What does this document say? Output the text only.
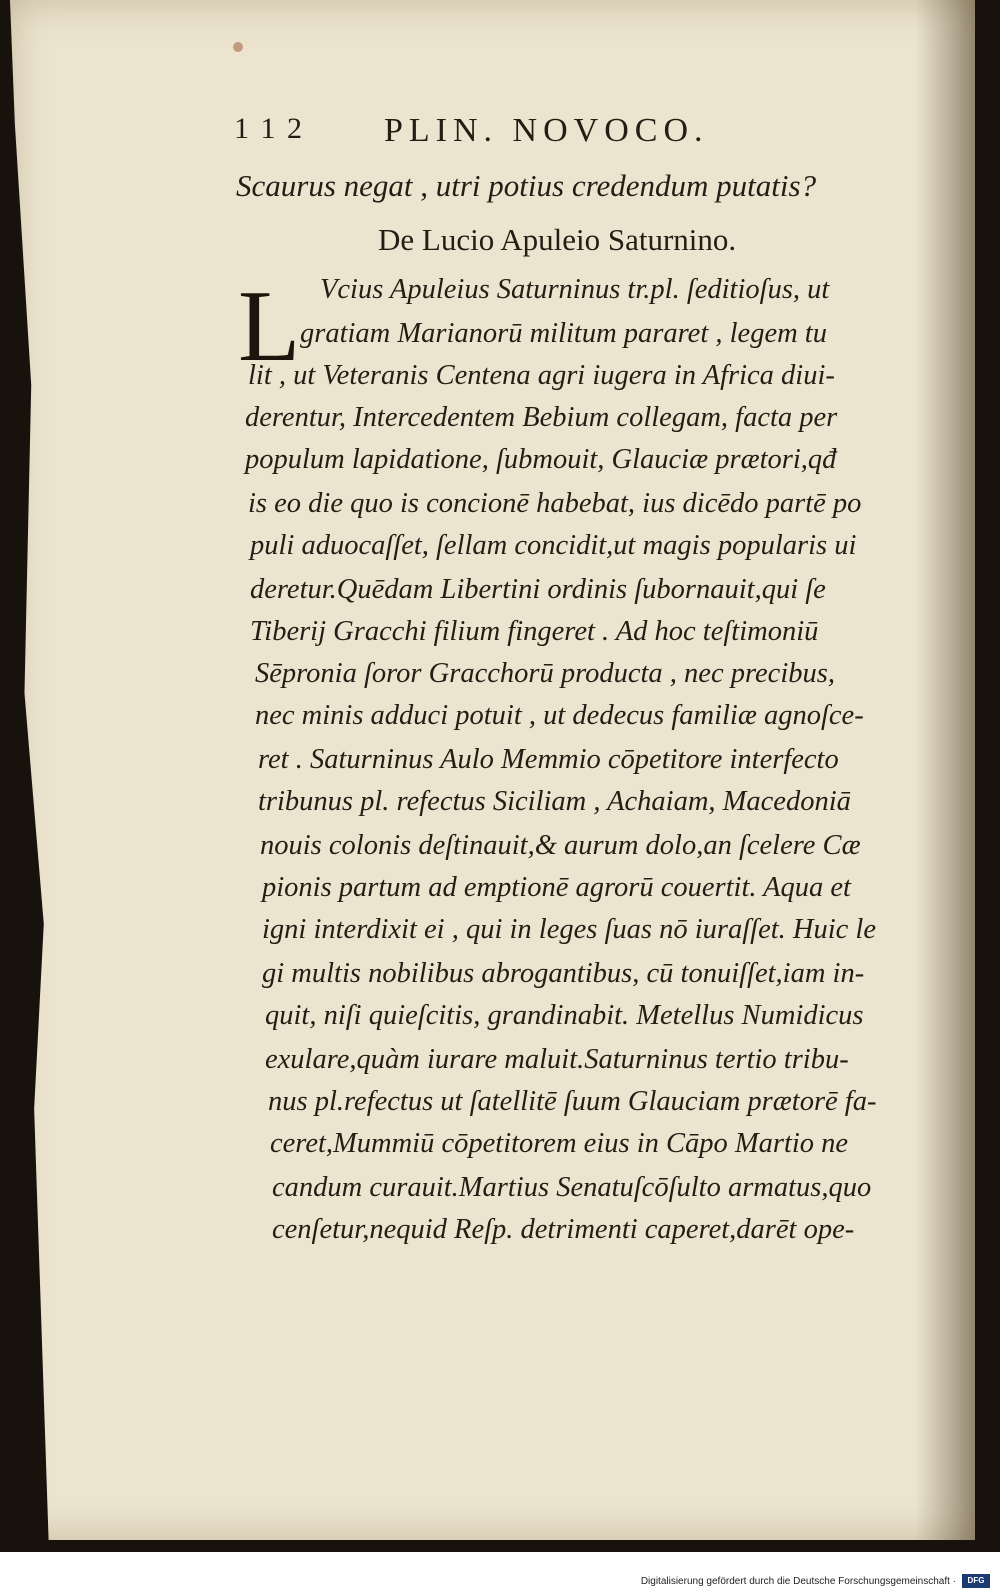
1 1 2 PLIN. NOVOCO.
Scaurus negat , utri potius credendum putatis?
De Lucio Apuleio Saturnino.
L Vcius Apuleius Saturninus tr.pl. ſeditioſus, ut
gratiam Marianorū militum pararet , legem tu
lit , ut Veteranis Centena agri iugera in Africa diui-
derentur, Intercedentem Bebium collegam, facta per
populum lapidatione, ſubmouit, Glauciæ prætori,qđ
is eo die quo is concionē habebat, ius dicēdo partē po
puli aduocaſſet, ſellam concidit,ut magis popularis ui
deretur.Quēdam Libertini ordinis ſubornauit,qui ſe
Tiberij Gracchi filium fingeret . Ad hoc teſtimoniū
Sēpronia ſoror Gracchorū producta , nec precibus,
nec minis adduci potuit , ut dedecus familiæ agnoſce-
ret . Saturninus Aulo Memmio cōpetitore interfecto
tribunus pl. refectus Siciliam , Achaiam, Macedoniā
nouis colonis deſtinauit,& aurum dolo,an ſcelere Cæ
pionis partum ad emptionē agrorū couertit. Aqua et
igni interdixit ei , qui in leges ſuas nō iuraſſet. Huic le
gi multis nobilibus abrogantibus, cū tonuiſſet,iam in-
quit, niſi quieſcitis, grandinabit. Metellus Numidicus
exulare,quàm iurare maluit.Saturninus tertio tribu-
nus pl.refectus ut ſatellitē ſuum Glauciam prætorē fa-
ceret,Mummiū cōpetitorem eius in Cāpo Martio ne
candum curauit.Martius Senatuſcōſulto armatus,quo
cenſetur,nequid Reſp. detrimenti caperet,darēt ope-
Digitalisierung gefördert durch die Deutsche Forschungsgemeinschaft ·	DFG
